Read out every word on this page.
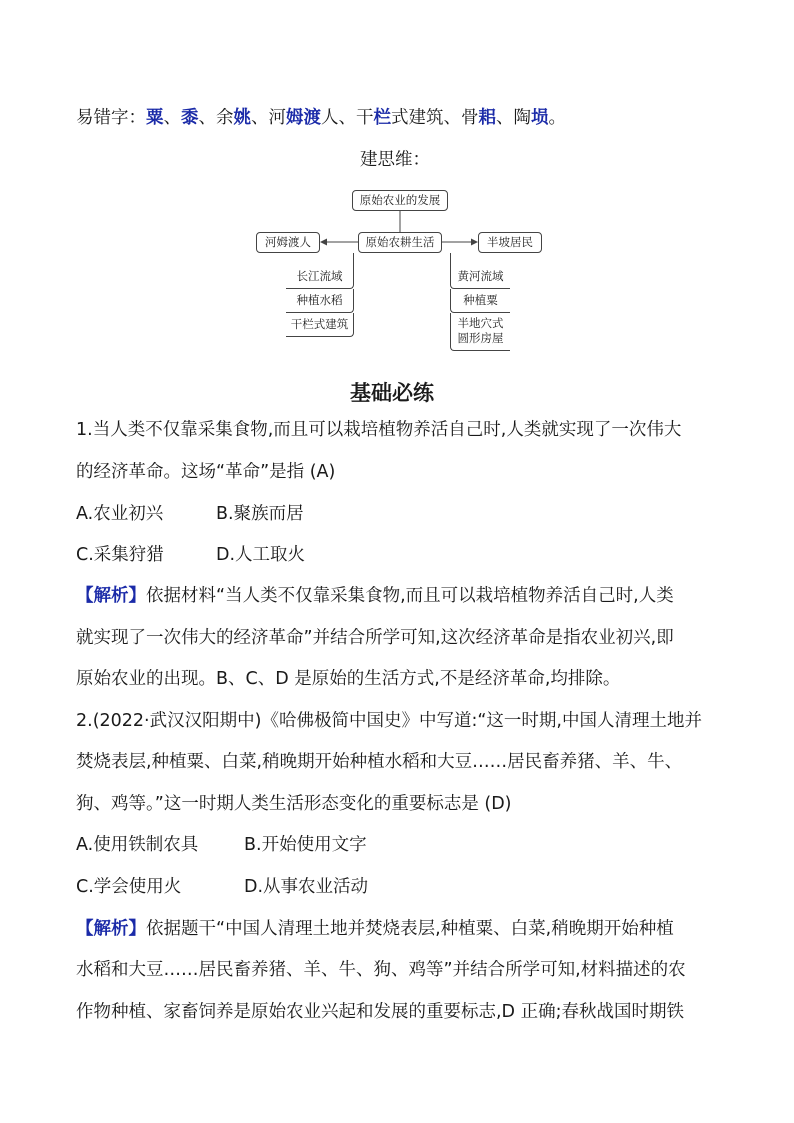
易错字：粟、黍、余姚、河姆渡人、干栏式建筑、骨耜、陶埙。
建思维：
原始农业的发展
原始农耕生活
河姆渡人
长江流域
种植水稻
干栏式建筑
半坡居民
黄河流域
种植粟
半地穴式圆形房屋
基础必练
1.当人类不仅靠采集食物,而且可以栽培植物养活自己时,人类就实现了一次伟大
的经济革命。这场“革命”是指 (A)
A.农业初兴	B.聚族而居
C.采集狩猎	D.人工取火
【解析】依据材料“当人类不仅靠采集食物,而且可以栽培植物养活自己时,人类
就实现了一次伟大的经济革命”并结合所学可知,这次经济革命是指农业初兴,即
原始农业的出现。B、C、D 是原始的生活方式,不是经济革命,均排除。
2.(2022·武汉汉阳期中)《哈佛极简中国史》中写道:“这一时期,中国人清理土地并
焚烧表层,种植粟、白菜,稍晚期开始种植水稻和大豆……居民畜养猪、羊、牛、
狗、鸡等。”这一时期人类生活形态变化的重要标志是 (D)
A.使用铁制农具	B.开始使用文字
C.学会使用火	D.从事农业活动
【解析】依据题干“中国人清理土地并焚烧表层,种植粟、白菜,稍晚期开始种植
水稻和大豆……居民畜养猪、羊、牛、狗、鸡等”并结合所学可知,材料描述的农
作物种植、家畜饲养是原始农业兴起和发展的重要标志,D 正确;春秋战国时期铁
